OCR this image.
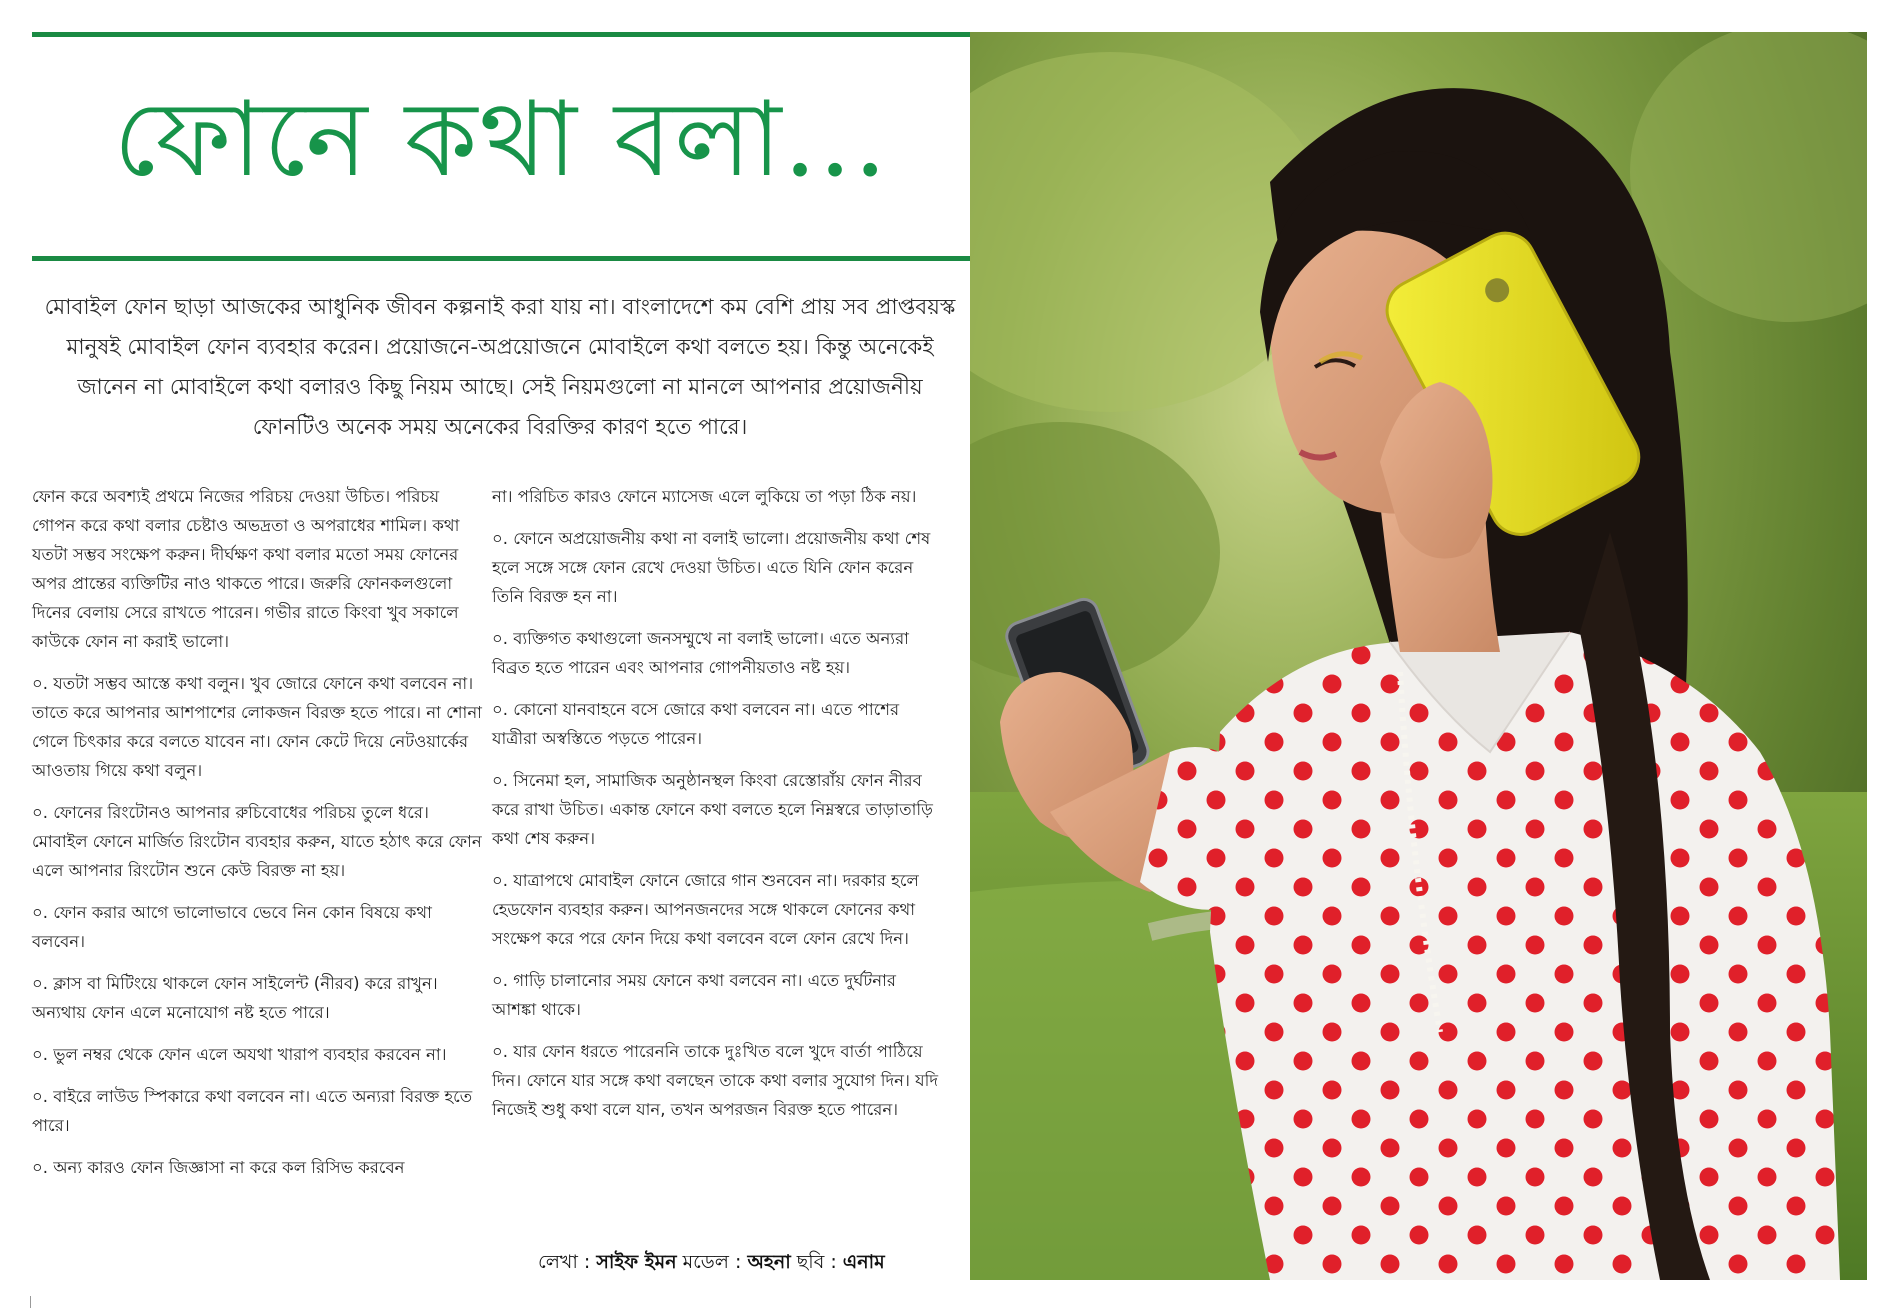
ফোনে কথা বলা...
মোবাইল ফোন ছাড়া আজকের আধুনিক জীবন কল্পনাই করা যায় না। বাংলাদেশে কম বেশি প্রায় সব প্রাপ্তবয়স্ক মানুষই মোবাইল ফোন ব্যবহার করেন। প্রয়োজনে-অপ্রয়োজনে মোবাইলে কথা বলতে হয়। কিন্তু অনেকেই জানেন না মোবাইলে কথা বলারও কিছু নিয়ম আছে। সেই নিয়মগুলো না মানলে আপনার প্রয়োজনীয় ফোনটিও অনেক সময় অনেকের বিরক্তির কারণ হতে পারে।

ফোন করে অবশ্যই প্রথমে নিজের পরিচয় দেওয়া উচিত। পরিচয় গোপন করে কথা বলার চেষ্টাও অভদ্রতা ও অপরাধের শামিল। কথা যতটা সম্ভব সংক্ষেপ করুন। দীর্ঘক্ষণ কথা বলার মতো সময় ফোনের অপর প্রান্তের ব্যক্তিটির নাও থাকতে পারে। জরুরি ফোনকলগুলো দিনের বেলায় সেরে রাখতে পারেন। গভীর রাতে কিংবা খুব সকালে কাউকে ফোন না করাই ভালো।

০. যতটা সম্ভব আস্তে কথা বলুন। খুব জোরে ফোনে কথা বলবেন না। তাতে করে আপনার আশপাশের লোকজন বিরক্ত হতে পারে। না শোনা গেলে চিৎকার করে বলতে যাবেন না। ফোন কেটে দিয়ে নেটওয়ার্কের আওতায় গিয়ে কথা বলুন।

০. ফোনের রিংটোনও আপনার রুচিবোধের পরিচয় তুলে ধরে। মোবাইল ফোনে মার্জিত রিংটোন ব্যবহার করুন, যাতে হঠাৎ করে ফোন এলে আপনার রিংটোন শুনে কেউ বিরক্ত না হয়।

০. ফোন করার আগে ভালোভাবে ভেবে নিন কোন বিষয়ে কথা বলবেন।

০. ক্লাস বা মিটিংয়ে থাকলে ফোন সাইলেন্ট (নীরব) করে রাখুন। অন্যথায় ফোন এলে মনোযোগ নষ্ট হতে পারে।

০. ভুল নম্বর থেকে ফোন এলে অযথা খারাপ ব্যবহার করবেন না।

০. বাইরে লাউড স্পিকারে কথা বলবেন না। এতে অন্যরা বিরক্ত হতে পারে।

০. অন্য কারও ফোন জিজ্ঞাসা না করে কল রিসিভ করবেন

না। পরিচিত কারও ফোনে ম্যাসেজ এলে লুকিয়ে তা পড়া ঠিক নয়।

০. ফোনে অপ্রয়োজনীয় কথা না বলাই ভালো। প্রয়োজনীয় কথা শেষ হলে সঙ্গে সঙ্গে ফোন রেখে দেওয়া উচিত। এতে যিনি ফোন করেন তিনি বিরক্ত হন না।

০. ব্যক্তিগত কথাগুলো জনসম্মুখে না বলাই ভালো। এতে অন্যরা বিব্রত হতে পারেন এবং আপনার গোপনীয়তাও নষ্ট হয়।

০. কোনো যানবাহনে বসে জোরে কথা বলবেন না। এতে পাশের যাত্রীরা অস্বস্তিতে পড়তে পারেন।

০. সিনেমা হল, সামাজিক অনুষ্ঠানস্থল কিংবা রেস্তোরাঁয় ফোন নীরব করে রাখা উচিত। একান্ত ফোনে কথা বলতে হলে নিম্নস্বরে তাড়াতাড়ি কথা শেষ করুন।

০. যাত্রাপথে মোবাইল ফোনে জোরে গান শুনবেন না। দরকার হলে হেডফোন ব্যবহার করুন। আপনজনদের সঙ্গে থাকলে ফোনের কথা সংক্ষেপ করে পরে ফোন দিয়ে কথা বলবেন বলে ফোন রেখে দিন।

০. গাড়ি চালানোর সময় ফোনে কথা বলবেন না। এতে দুর্ঘটনার আশঙ্কা থাকে।

০. যার ফোন ধরতে পারেননি তাকে দুঃখিত বলে খুদে বার্তা পাঠিয়ে দিন। ফোনে যার সঙ্গে কথা বলছেন তাকে কথা বলার সুযোগ দিন। যদি নিজেই শুধু কথা বলে যান, তখন অপরজন বিরক্ত হতে পারেন।

লেখা : সাইফ ইমন মডেল : অহনা ছবি : এনাম
